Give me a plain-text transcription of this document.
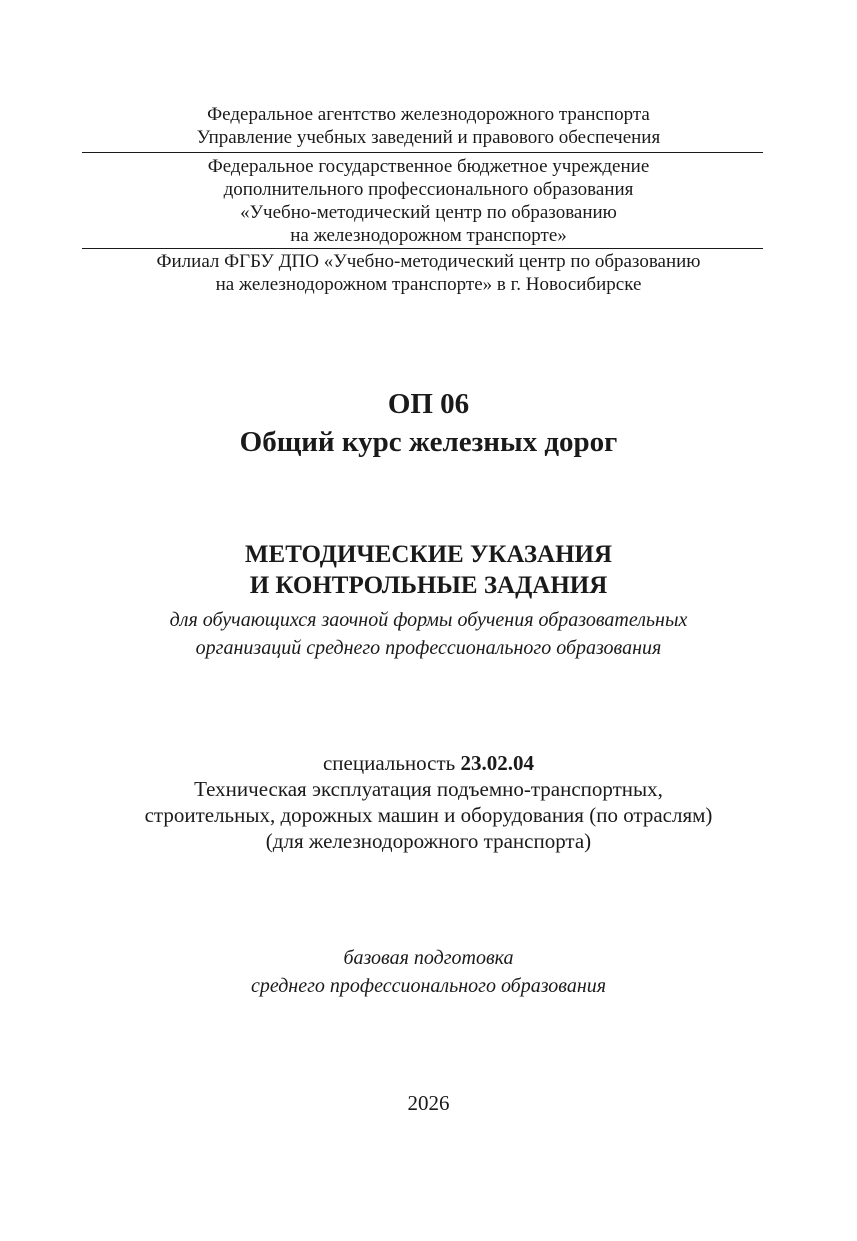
Федеральное агентство железнодорожного транспорта
Управление учебных заведений и правового обеспечения
Федеральное государственное бюджетное учреждение
дополнительного профессионального образования
«Учебно-методический центр по образованию
на железнодорожном транспорте»
Филиал ФГБУ ДПО «Учебно-методический центр по образованию
на железнодорожном транспорте» в г. Новосибирске
ОП 06
Общий курс железных дорог
МЕТОДИЧЕСКИЕ УКАЗАНИЯ
И КОНТРОЛЬНЫЕ ЗАДАНИЯ
для обучающихся заочной формы обучения образовательных
организаций среднего профессионального образования
специальность 23.02.04
Техническая эксплуатация подъемно-транспортных,
строительных, дорожных машин и оборудования (по отраслям)
(для железнодорожного транспорта)
базовая подготовка
среднего профессионального образования
2026
